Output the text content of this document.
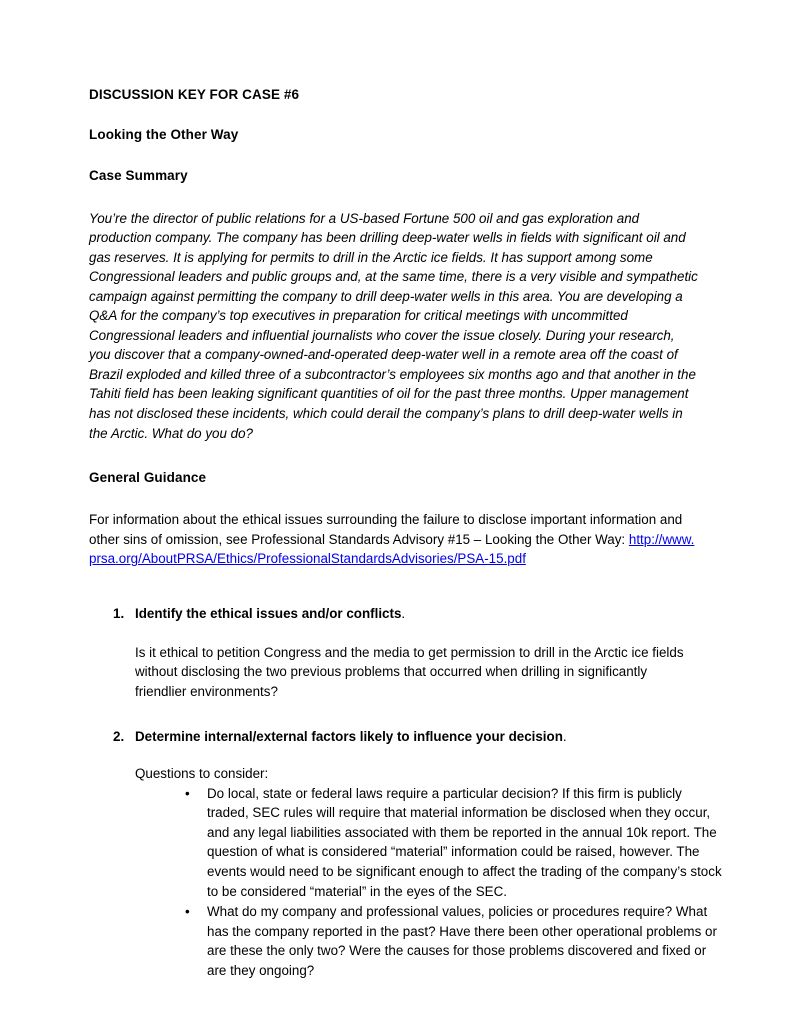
DISCUSSION KEY FOR CASE #6
Looking the Other Way
Case Summary

You’re the director of public relations for a US-based Fortune 500 oil and gas exploration and production company. The company has been drilling deep-water wells in fields with significant oil and gas reserves. It is applying for permits to drill in the Arctic ice fields. It has support among some Congressional leaders and public groups and, at the same time, there is a very visible and sympathetic campaign against permitting the company to drill deep-water wells in this area. You are developing a Q&A for the company’s top executives in preparation for critical meetings with uncommitted Congressional leaders and influential journalists who cover the issue closely. During your research, you discover that a company-owned-and-operated deep-water well in a remote area off the coast of Brazil exploded and killed three of a subcontractor’s employees six months ago and that another in the Tahiti field has been leaking significant quantities of oil for the past three months. Upper management has not disclosed these incidents, which could derail the company’s plans to drill deep-water wells in the Arctic. What do you do?

General Guidance

For information about the ethical issues surrounding the failure to disclose important information and other sins of omission, see Professional Standards Advisory #15 – Looking the Other Way: http://www.prsa.org/AboutPRSA/Ethics/ProfessionalStandardsAdvisories/PSA-15.pdf

1. Identify the ethical issues and/or conflicts.

Is it ethical to petition Congress and the media to get permission to drill in the Arctic ice fields without disclosing the two previous problems that occurred when drilling in significantly friendlier environments?

2. Determine internal/external factors likely to influence your decision.

Questions to consider:

• Do local, state or federal laws require a particular decision? If this firm is publicly traded, SEC rules will require that material information be disclosed when they occur, and any legal liabilities associated with them be reported in the annual 10k report. The question of what is considered “material” information could be raised, however. The events would need to be significant enough to affect the trading of the company’s stock to be considered “material” in the eyes of the SEC.
• What do my company and professional values, policies or procedures require? What has the company reported in the past? Have there been other operational problems or are these the only two? Were the causes for those problems discovered and fixed or are they ongoing?
